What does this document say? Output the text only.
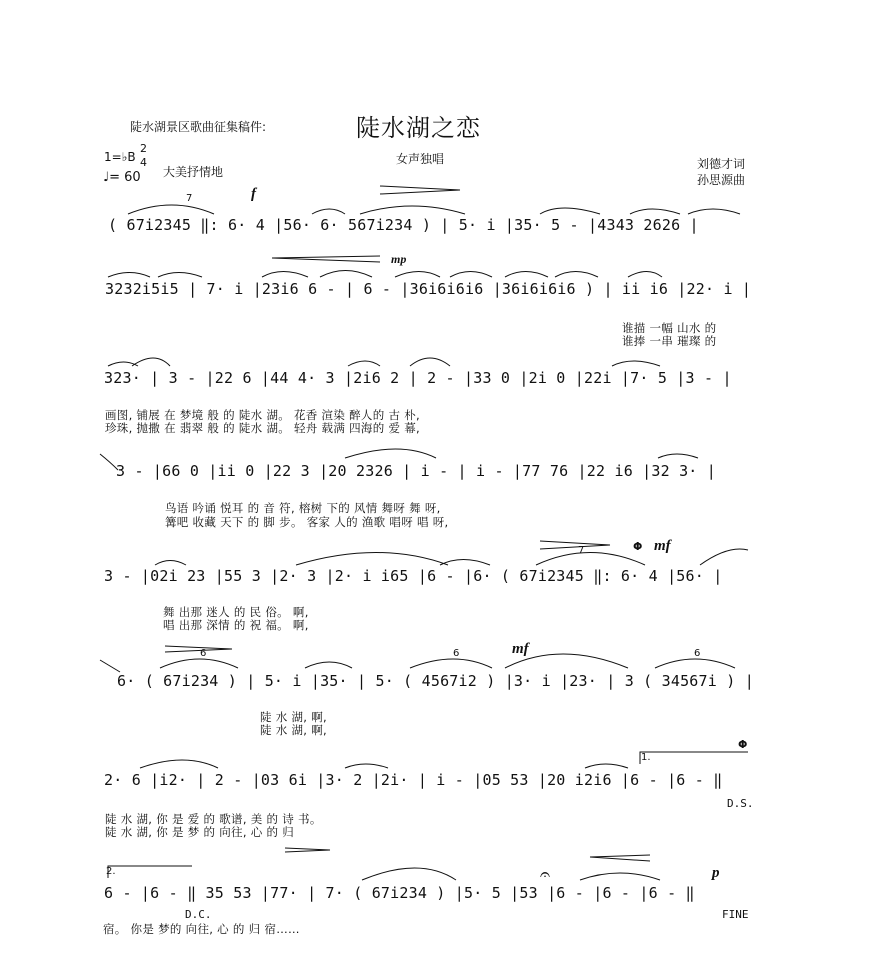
陡水湖景区歌曲征集稿件:	陡水湖之恋
1=♭B
2
4
♩= 60 大美抒情地
女声独唱	刘德才词
孙思源曲
( 67i2345 ‖: 6· 4 |56· 6· 567i234 ) | 5· i |35· 5 - |4343 2626 |
3232i5i5 | 7· i |23i6 6 - | 6 - |36i6i6i6 |36i6i6i6 ) | ii i6 |22· i |
谁描 一幅 山水 的
谁捧 一串 璀璨 的
323· | 3 - |22 6 |44 4· 3 |2i6 2 | 2 - |33 0 |2i 0 |22i |7· 5 |3 - |
画图, 铺展 在 梦境 般 的 陡水 湖。 花香 渲染 醉人的 古 朴,
珍珠, 抛撒 在 翡翠 般 的 陡水 湖。 轻舟 载满 四海的 爱 幕,
3 - |66 0 |ii 0 |22 3 |20 2326 | i - | i - |77 76 |22 i6 |32 3· |
鸟语 吟诵 悦耳 的 音 符, 榕树 下的 风情 舞呀 舞 呀,
篝吧 收藏 天下 的 脚 步。 客家 人的 渔歌 唱呀 唱 呀,
3 - |02i 23 |55 3 |2· 3 |2· i i65 |6 - |6· ( 67i2345 ‖: 6· 4 |56· |
舞 出那 迷人 的 民 俗。 啊,
唱 出那 深情 的 祝 福。 啊,
6· ( 67i234 ) | 5· i |35· | 5· ( 4567i2 ) |3· i |23· | 3 ( 34567i ) |
陡 水 湖, 啊,
陡 水 湖, 啊,
2· 6 |i2· | 2 - |03 6i |3· 2 |2i· | i - |05 53 |20 i2i6 |6 - |6 - ‖
陡 水 湖, 你 是 爱 的 歌谱, 美 的 诗 书。
陡 水 湖, 你 是 梦 的 向往, 心 的 归
6 - |6 - ‖ 35 53 |77· | 7· ( 67i234 ) |5· 5 |53 |6 - |6 - |6 - ‖
宿。 你是 梦的 向往, 心 的 归 宿……
f
mp
mf
mf
p
Φ
Φ
D.S.
D.C.	FINE
1.
2.
7
7
6	6	6
𝄐
